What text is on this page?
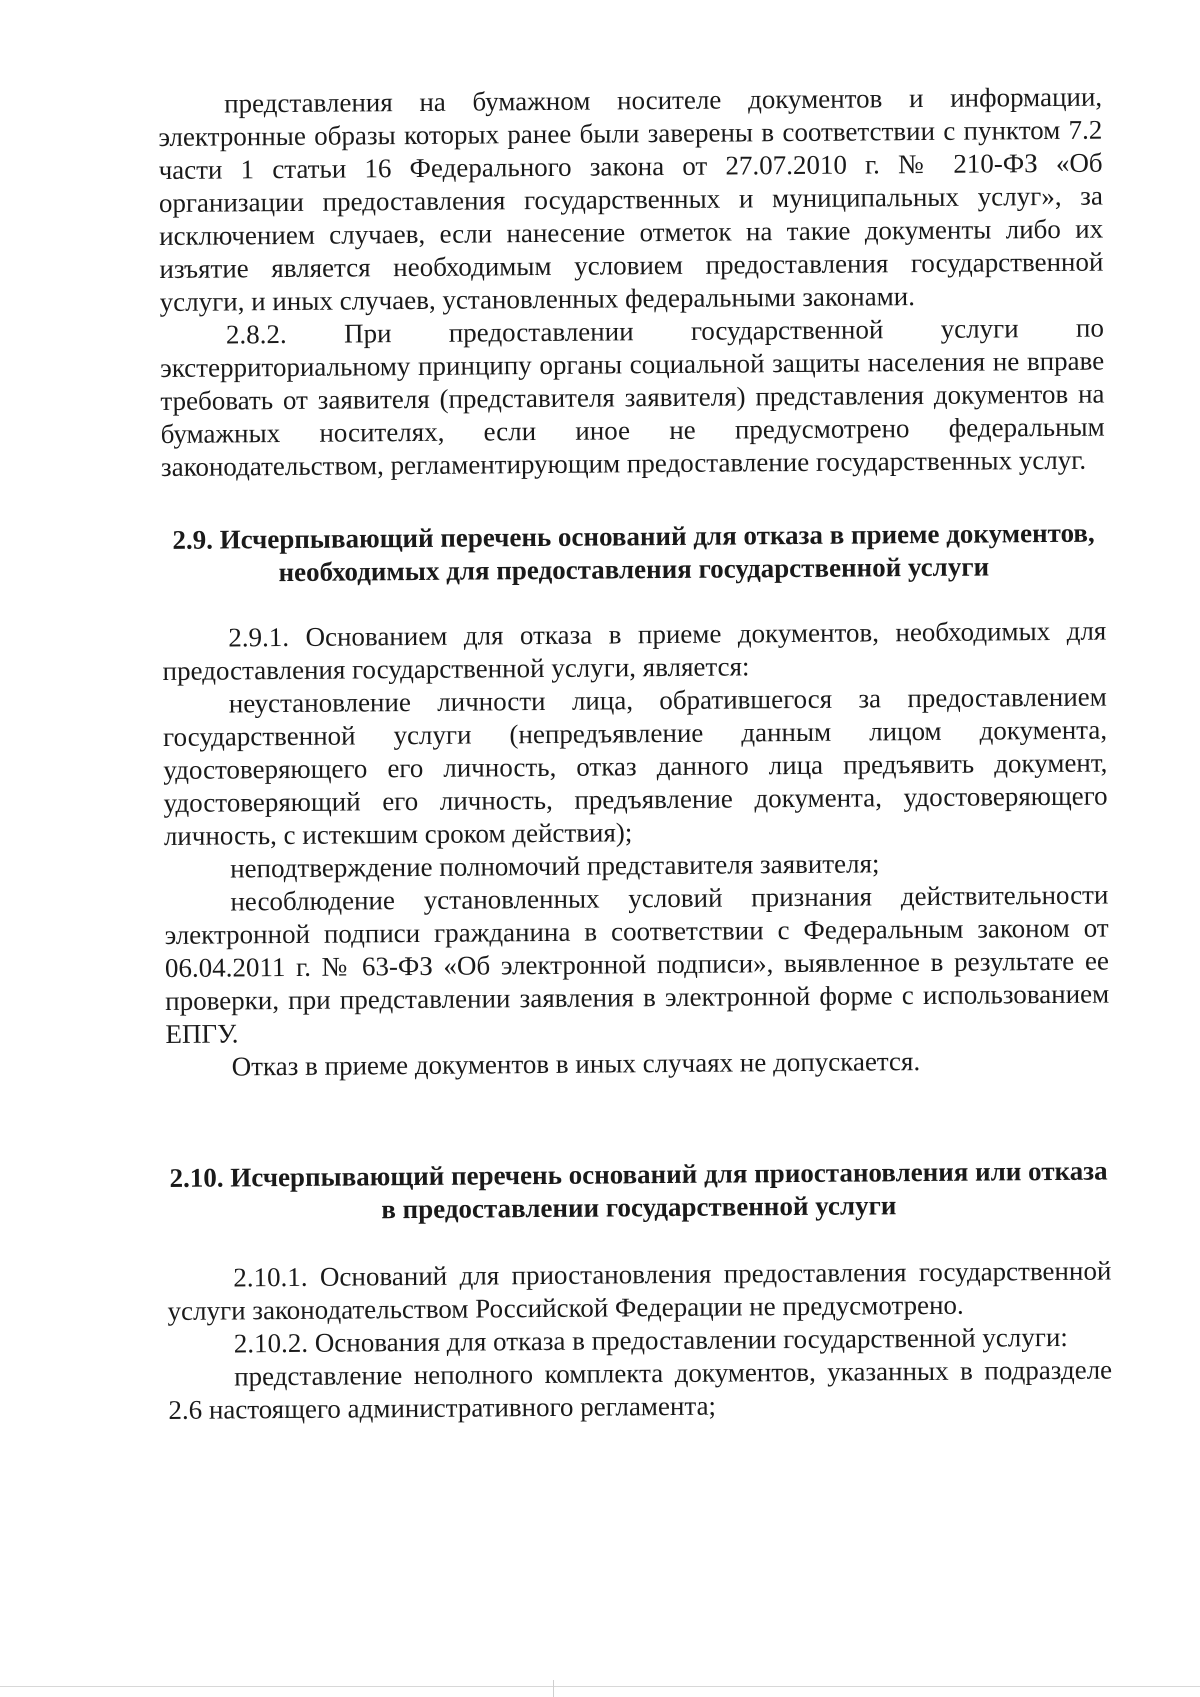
представления на бумажном носителе документов и информации, электронные образы которых ранее были заверены в соответствии с пунктом 7.2 части 1 статьи 16 Федерального закона от 27.07.2010 г. № 210-ФЗ «Об организации предоставления государственных и муниципальных услуг», за исключением случаев, если нанесение отметок на такие документы либо их изъятие является необходимым условием предоставления государственной услуги, и иных случаев, установленных федеральными законами.

2.8.2. При предоставлении государственной услуги по экстерриториальному принципу органы социальной защиты населения не вправе требовать от заявителя (представителя заявителя) представления документов на бумажных носителях, если иное не предусмотрено федеральным законодательством, регламентирующим предоставление государственных услуг.

2.9. Исчерпывающий перечень оснований для отказа в приеме документов, необходимых для предоставления государственной услуги

2.9.1. Основанием для отказа в приеме документов, необходимых для предоставления государственной услуги, является:

неустановление личности лица, обратившегося за предоставлением государственной услуги (непредъявление данным лицом документа, удостоверяющего его личность, отказ данного лица предъявить документ, удостоверяющий его личность, предъявление документа, удостоверяющего личность, с истекшим сроком действия);

неподтверждение полномочий представителя заявителя;

несоблюдение установленных условий признания действительности электронной подписи гражданина в соответствии с Федеральным законом от 06.04.2011 г. № 63-ФЗ «Об электронной подписи», выявленное в результате ее проверки, при представлении заявления в электронной форме с использованием ЕПГУ.

Отказ в приеме документов в иных случаях не допускается.

2.10. Исчерпывающий перечень оснований для приостановления или отказа в предоставлении государственной услуги

2.10.1. Оснований для приостановления предоставления государственной услуги законодательством Российской Федерации не предусмотрено.

2.10.2. Основания для отказа в предоставлении государственной услуги:

представление неполного комплекта документов, указанных в подразделе 2.6 настоящего административного регламента;
